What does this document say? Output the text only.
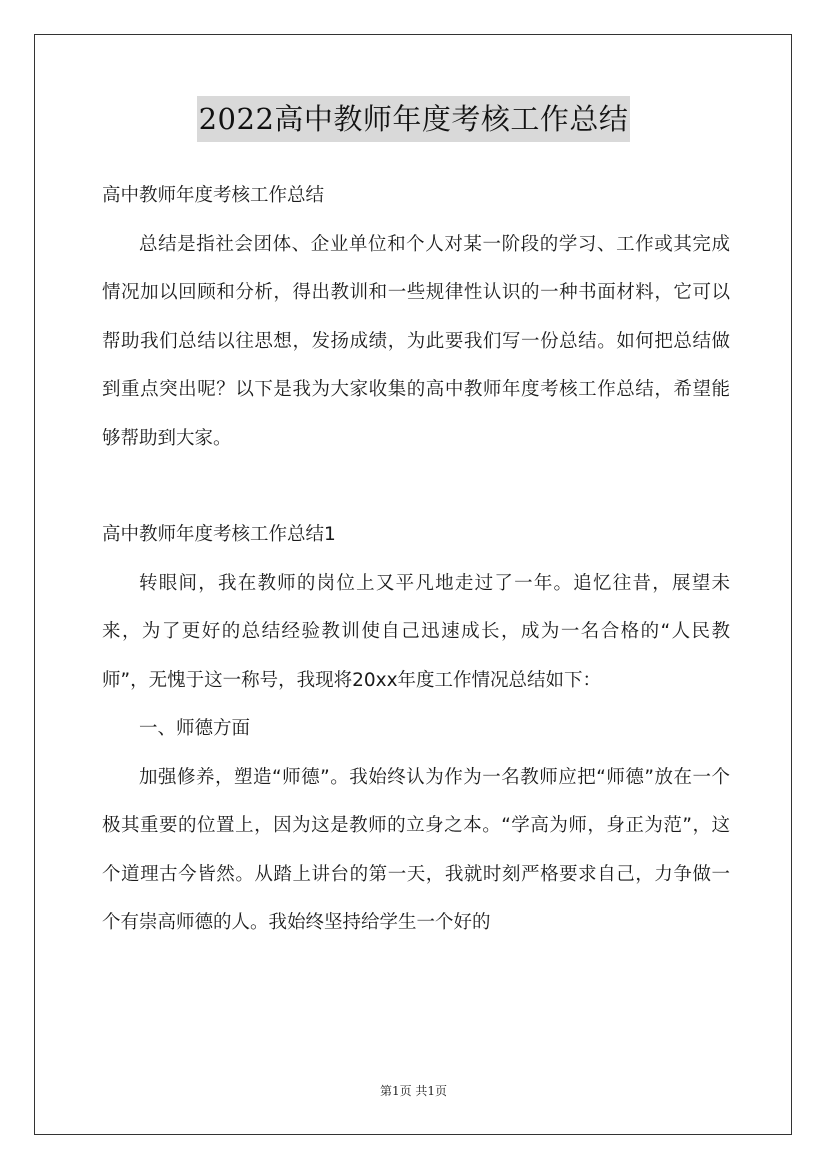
2022高中教师年度考核工作总结

高中教师年度考核工作总结

总结是指社会团体、企业单位和个人对某一阶段的学习、工作或其完成情况加以回顾和分析，得出教训和一些规律性认识的一种书面材料，它可以帮助我们总结以往思想，发扬成绩，为此要我们写一份总结。如何把总结做到重点突出呢？以下是我为大家收集的高中教师年度考核工作总结，希望能够帮助到大家。

高中教师年度考核工作总结1

转眼间，我在教师的岗位上又平凡地走过了一年。追忆往昔，展望未来，为了更好的总结经验教训使自己迅速成长，成为一名合格的“人民教师”，无愧于这一称号，我现将20xx年度工作情况总结如下：

一、师德方面

加强修养，塑造“师德”。我始终认为作为一名教师应把“师德”放在一个极其重要的位置上，因为这是教师的立身之本。“学高为师，身正为范”，这个道理古今皆然。从踏上讲台的第一天，我就时刻严格要求自己，力争做一个有崇高师德的人。我始终坚持给学生一个好的

第1页 共1页
